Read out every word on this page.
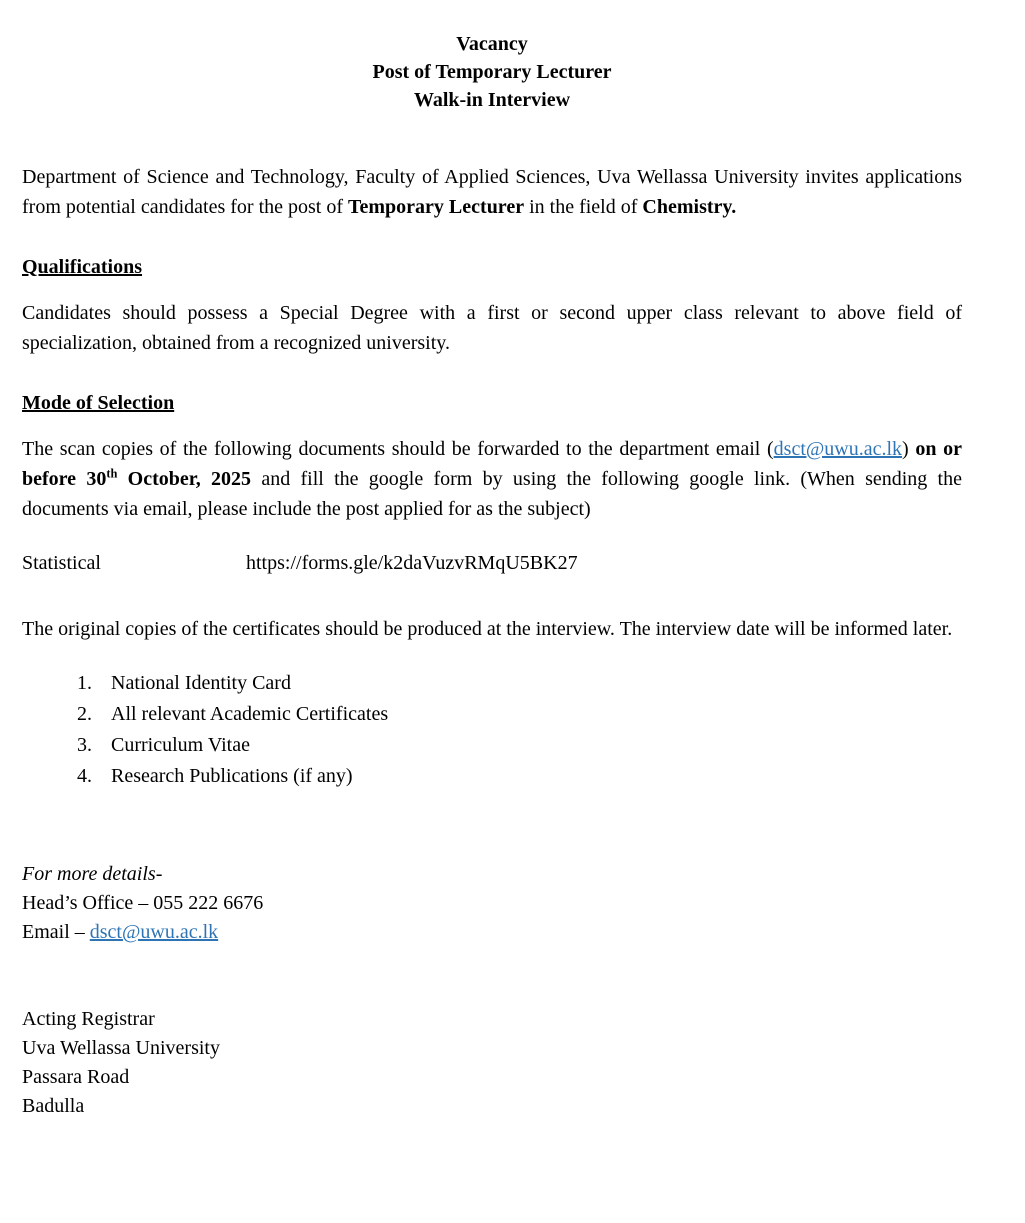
Vacancy
Post of Temporary Lecturer
Walk-in Interview

Department of Science and Technology, Faculty of Applied Sciences, Uva Wellassa University invites applications from potential candidates for the post of Temporary Lecturer in the field of Chemistry.

Qualifications

Candidates should possess a Special Degree with a first or second upper class relevant to above field of specialization, obtained from a recognized university.

Mode of Selection

The scan copies of the following documents should be forwarded to the department email (dsct@uwu.ac.lk) on or before 30th October, 2025 and fill the google form by using the following google link. (When sending the documents via email, please include the post applied for as the subject)

Statistical	https://forms.gle/k2daVuzvRMqU5BK27

The original copies of the certificates should be produced at the interview. The interview date will be informed later.

1. National Identity Card
2. All relevant Academic Certificates
3. Curriculum Vitae
4. Research Publications (if any)
For more details-
Head’s Office – 055 222 6676
Email – dsct@uwu.ac.lk
Acting Registrar
Uva Wellassa University
Passara Road
Badulla
